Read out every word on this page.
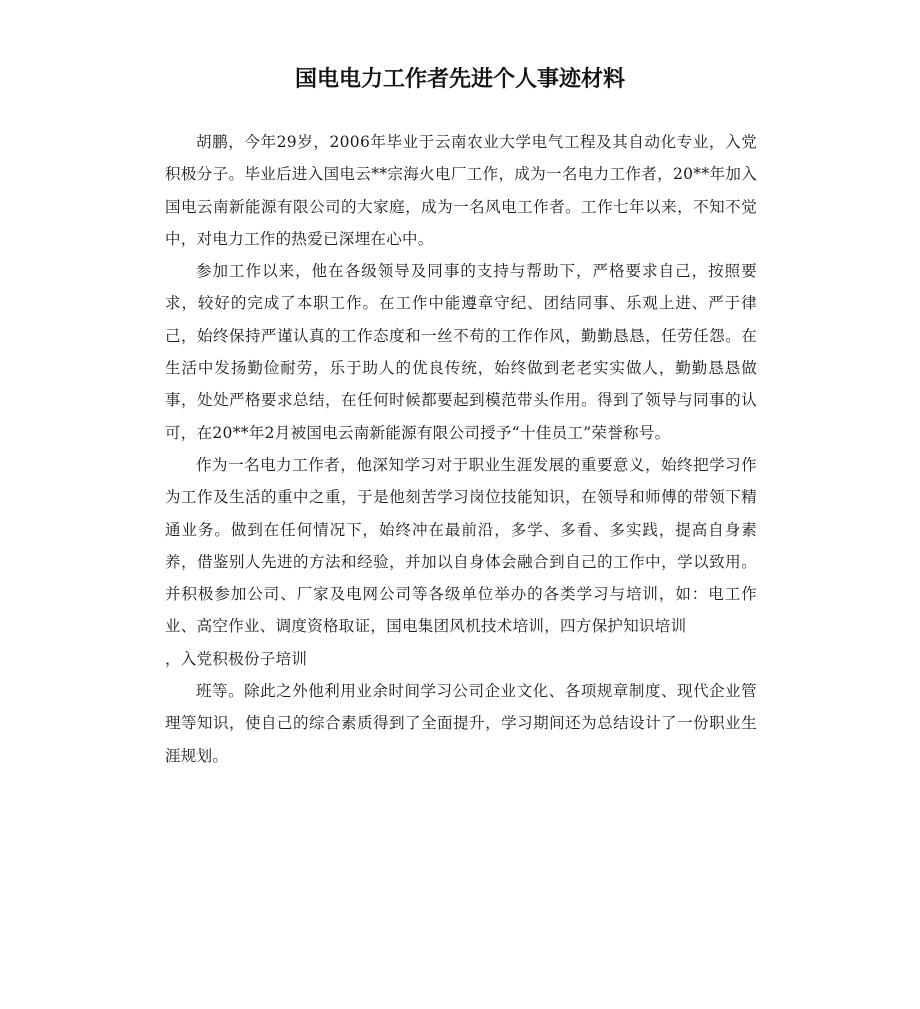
国电电力工作者先进个人事迹材料

胡鹏，今年29岁，2006年毕业于云南农业大学电气工程及其自动化专业，入党积极分子。毕业后进入国电云**宗海火电厂工作，成为一名电力工作者，20**年加入国电云南新能源有限公司的大家庭，成为一名风电工作者。工作七年以来，不知不觉中，对电力工作的热爱已深埋在心中。

参加工作以来，他在各级领导及同事的支持与帮助下，严格要求自己，按照要求，较好的完成了本职工作。在工作中能遵章守纪、团结同事、乐观上进、严于律己，始终保持严谨认真的工作态度和一丝不苟的工作作风，勤勤恳恳，任劳任怨。在生活中发扬勤俭耐劳，乐于助人的优良传统，始终做到老老实实做人，勤勤恳恳做事，处处严格要求总结，在任何时候都要起到模范带头作用。得到了领导与同事的认可，在20**年2月被国电云南新能源有限公司授予“十佳员工”荣誉称号。

作为一名电力工作者，他深知学习对于职业生涯发展的重要意义，始终把学习作为工作及生活的重中之重，于是他刻苦学习岗位技能知识，在领导和师傅的带领下精通业务。做到在任何情况下，始终冲在最前沿，多学、多看、多实践，提高自身素养，借鉴别人先进的方法和经验，并加以自身体会融合到自己的工作中，学以致用。并积极参加公司、厂家及电网公司等各级单位举办的各类学习与培训，如：电工作业、高空作业、调度资格取证，国电集团风机技术培训，四方保护知识培训

，入党积极份子培训

班等。除此之外他利用业余时间学习公司企业文化、各项规章制度、现代企业管理等知识，使自己的综合素质得到了全面提升，学习期间还为总结设计了一份职业生涯规划。
